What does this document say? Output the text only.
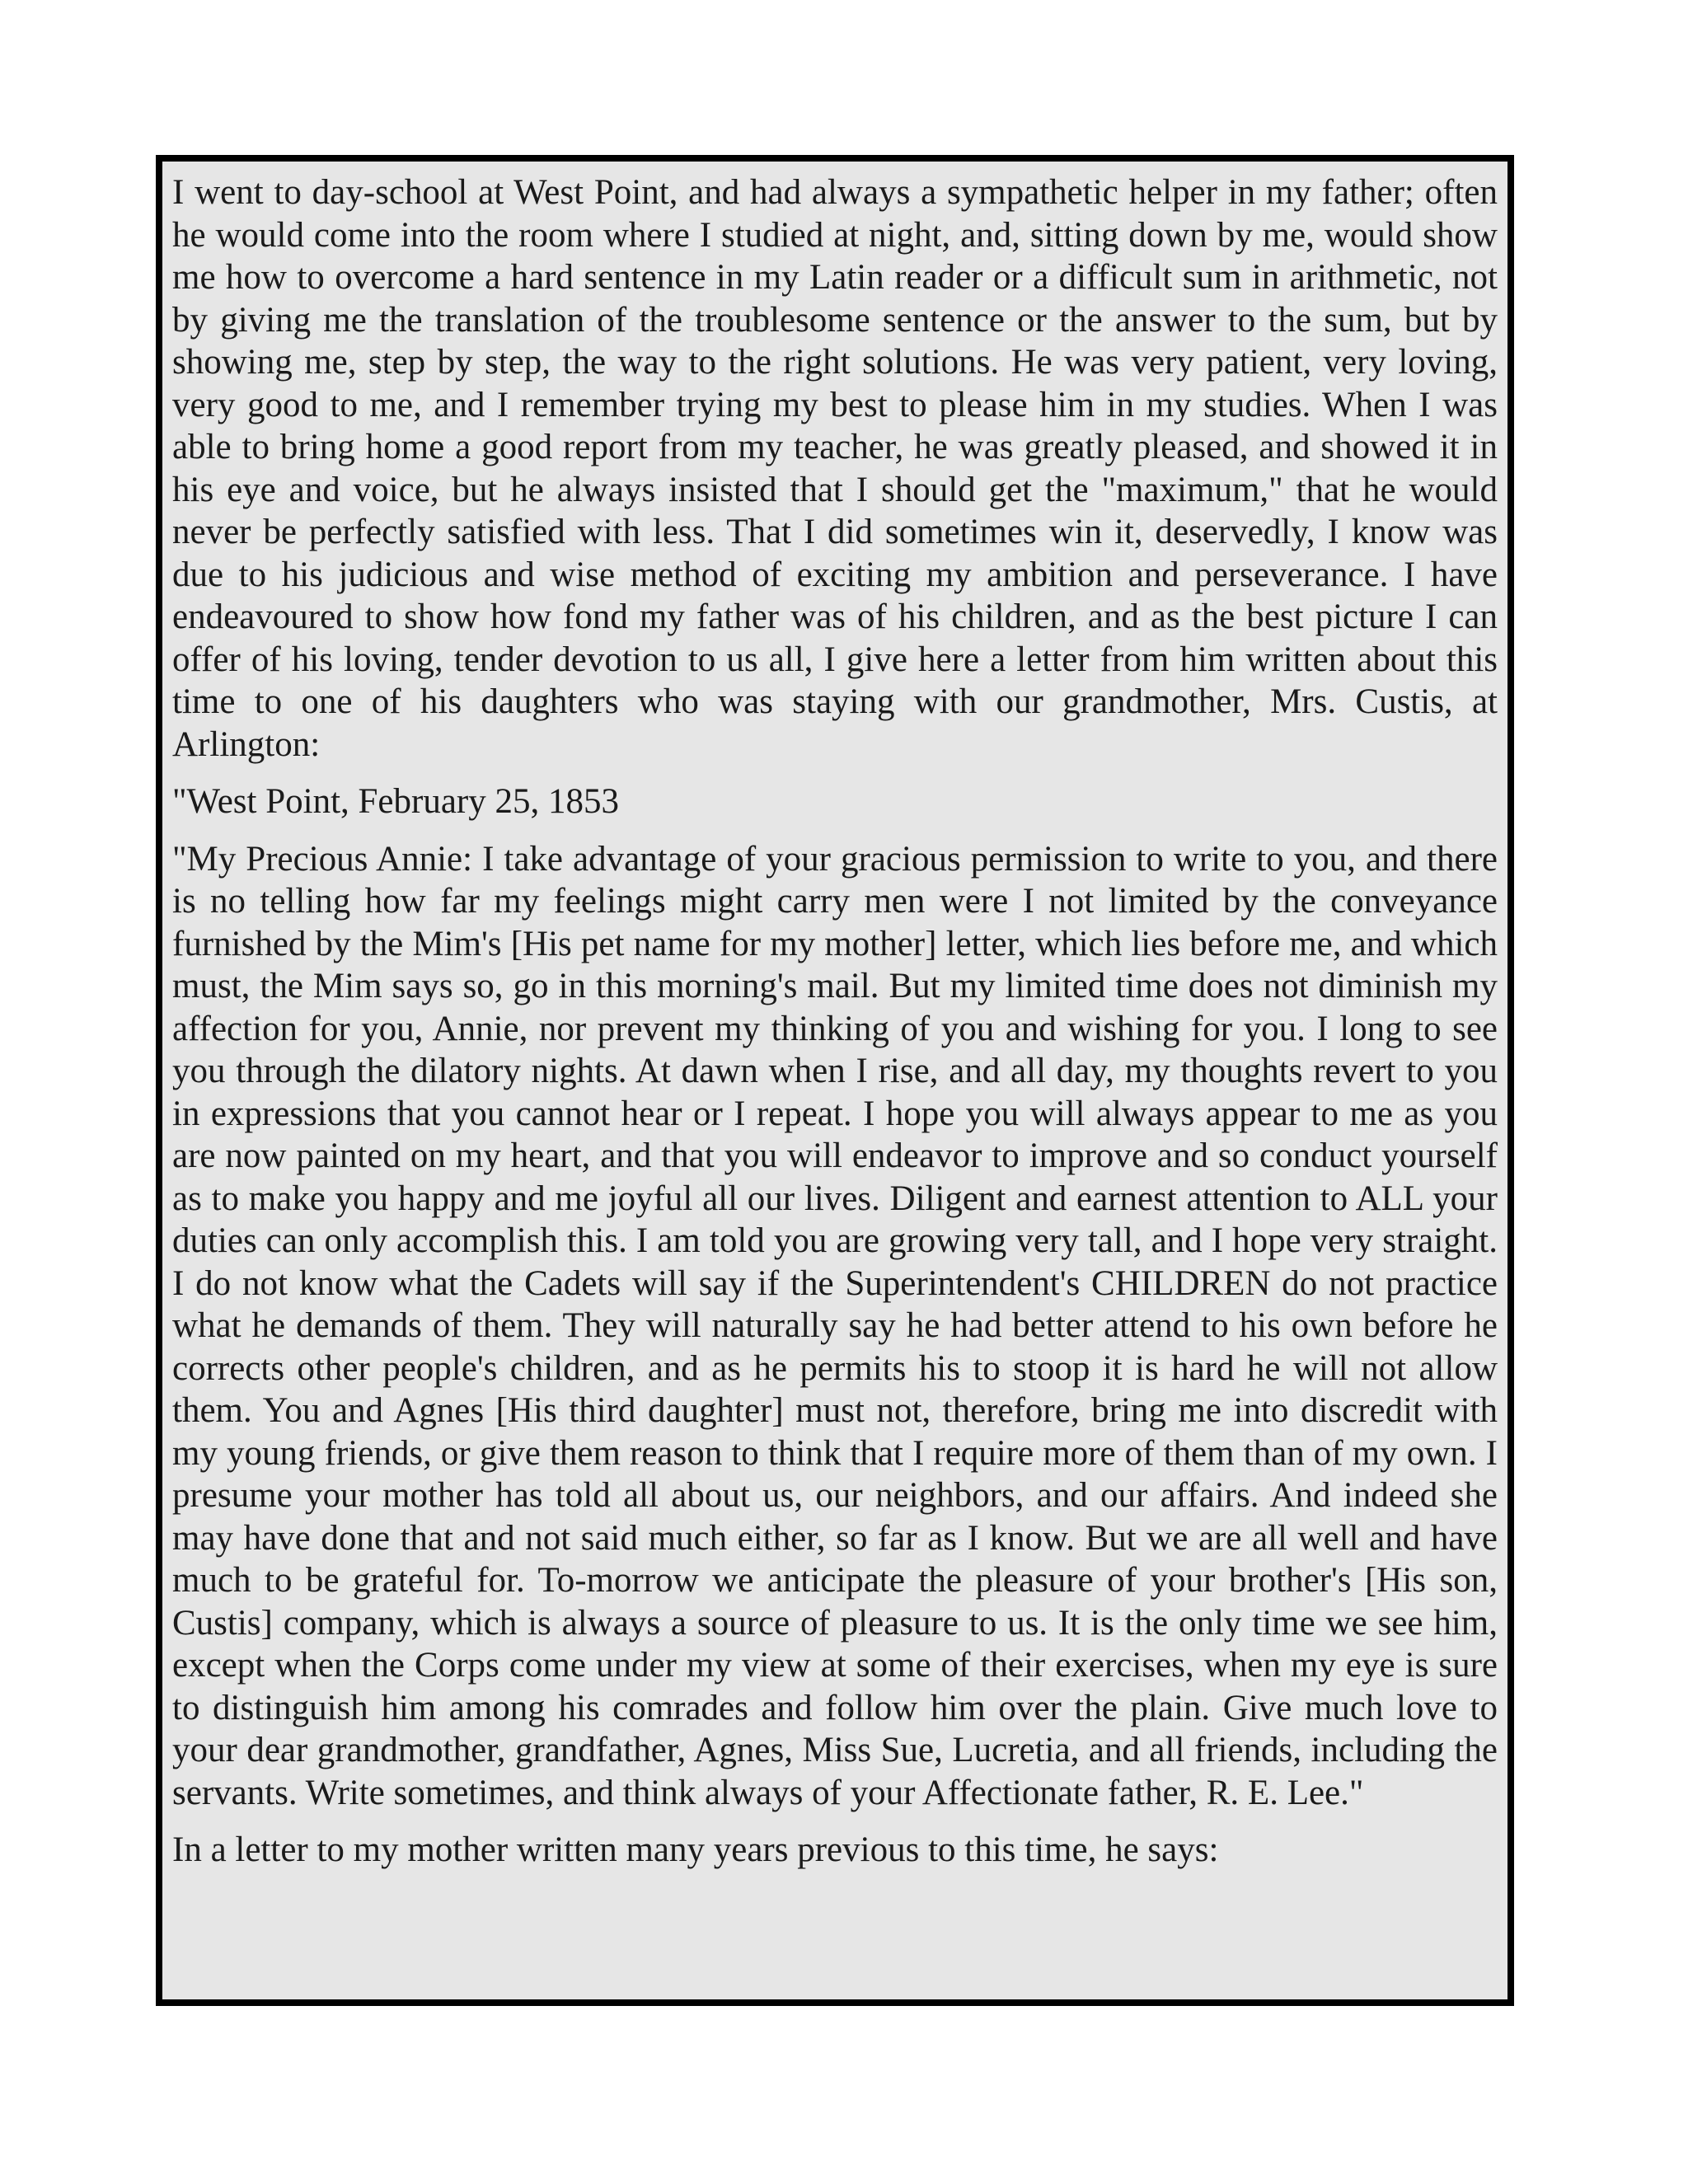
I went to day-school at West Point, and had always a sympathetic helper in my father; often he would come into the room where I studied at night, and, sitting down by me, would show me how to overcome a hard sentence in my Latin reader or a difficult sum in arithmetic, not by giving me the translation of the troublesome sentence or the answer to the sum, but by showing me, step by step, the way to the right solutions. He was very patient, very loving, very good to me, and I remember trying my best to please him in my studies. When I was able to bring home a good report from my teacher, he was greatly pleased, and showed it in his eye and voice, but he always insisted that I should get the "maximum," that he would never be perfectly satisfied with less. That I did sometimes win it, deservedly, I know was due to his judicious and wise method of exciting my ambition and perseverance. I have endeavoured to show how fond my father was of his children, and as the best picture I can offer of his loving, tender devotion to us all, I give here a letter from him written about this time to one of his daughters who was staying with our grandmother, Mrs. Custis, at Arlington:

"West Point, February 25, 1853

"My Precious Annie: I take advantage of your gracious permission to write to you, and there is no telling how far my feelings might carry men were I not limited by the conveyance furnished by the Mim's [His pet name for my mother] letter, which lies before me, and which must, the Mim says so, go in this morning's mail. But my limited time does not diminish my affection for you, Annie, nor prevent my thinking of you and wishing for you. I long to see you through the dilatory nights. At dawn when I rise, and all day, my thoughts revert to you in expressions that you cannot hear or I repeat. I hope you will always appear to me as you are now painted on my heart, and that you will endeavor to improve and so conduct yourself as to make you happy and me joyful all our lives. Diligent and earnest attention to ALL your duties can only accomplish this. I am told you are growing very tall, and I hope very straight. I do not know what the Cadets will say if the Superintendent's CHILDREN do not practice what he demands of them. They will naturally say he had better attend to his own before he corrects other people's children, and as he permits his to stoop it is hard he will not allow them. You and Agnes [His third daughter] must not, therefore, bring me into discredit with my young friends, or give them reason to think that I require more of them than of my own. I presume your mother has told all about us, our neighbors, and our affairs. And indeed she may have done that and not said much either, so far as I know. But we are all well and have much to be grateful for. To-morrow we anticipate the pleasure of your brother's [His son, Custis] company, which is always a source of pleasure to us. It is the only time we see him, except when the Corps come under my view at some of their exercises, when my eye is sure to distinguish him among his comrades and follow him over the plain. Give much love to your dear grandmother, grandfather, Agnes, Miss Sue, Lucretia, and all friends, including the servants. Write sometimes, and think always of your Affectionate father, R. E. Lee."

In a letter to my mother written many years previous to this time, he says:
